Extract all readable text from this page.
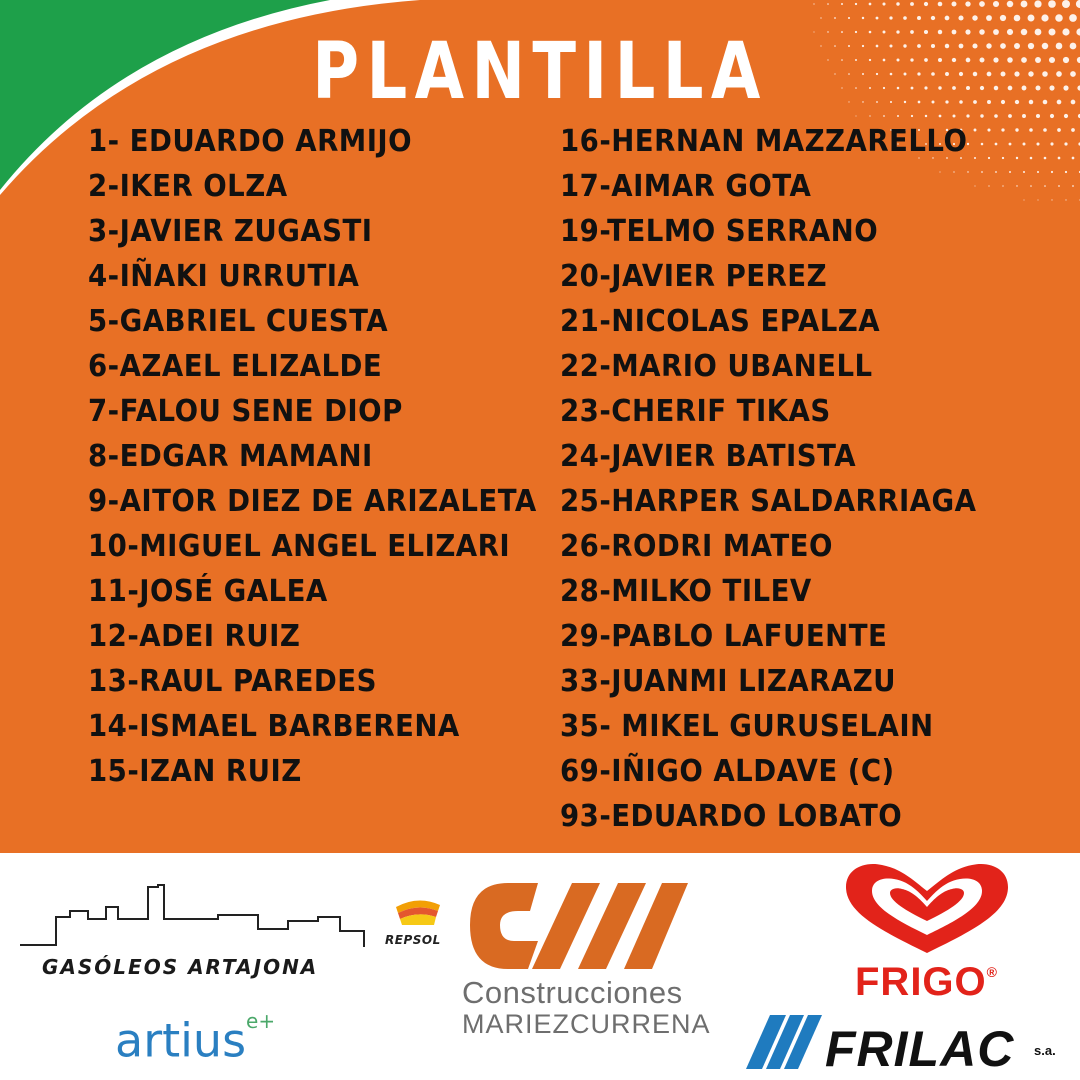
PLANTILLA
1- EDUARDO ARMIJO
2-IKER OLZA
3-JAVIER ZUGASTI
4-IÑAKI URRUTIA
5-GABRIEL CUESTA
6-AZAEL ELIZALDE
7-FALOU SENE DIOP
8-EDGAR MAMANI
9-AITOR DIEZ DE ARIZALETA
10-MIGUEL ANGEL ELIZARI
11-JOSÉ GALEA
12-ADEI RUIZ
13-RAUL PAREDES
14-ISMAEL BARBERENA
15-IZAN RUIZ
16-HERNAN MAZZARELLO
17-AIMAR GOTA
19-TELMO SERRANO
20-JAVIER PEREZ
21-NICOLAS EPALZA
22-MARIO UBANELL
23-CHERIF TIKAS
24-JAVIER BATISTA
25-HARPER SALDARRIAGA
26-RODRI MATEO
28-MILKO TILEV
29-PABLO LAFUENTE
33-JUANMI LIZARAZU
35- MIKEL GURUSELAIN
69-IÑIGO ALDAVE (C)
93-EDUARDO LOBATO
GASÓLEOS ARTAJONA
REPSOL
artius$^{e+}$
Construcciones
MARIEZCURRENA
FRIGO®
FRILAC s.a.
